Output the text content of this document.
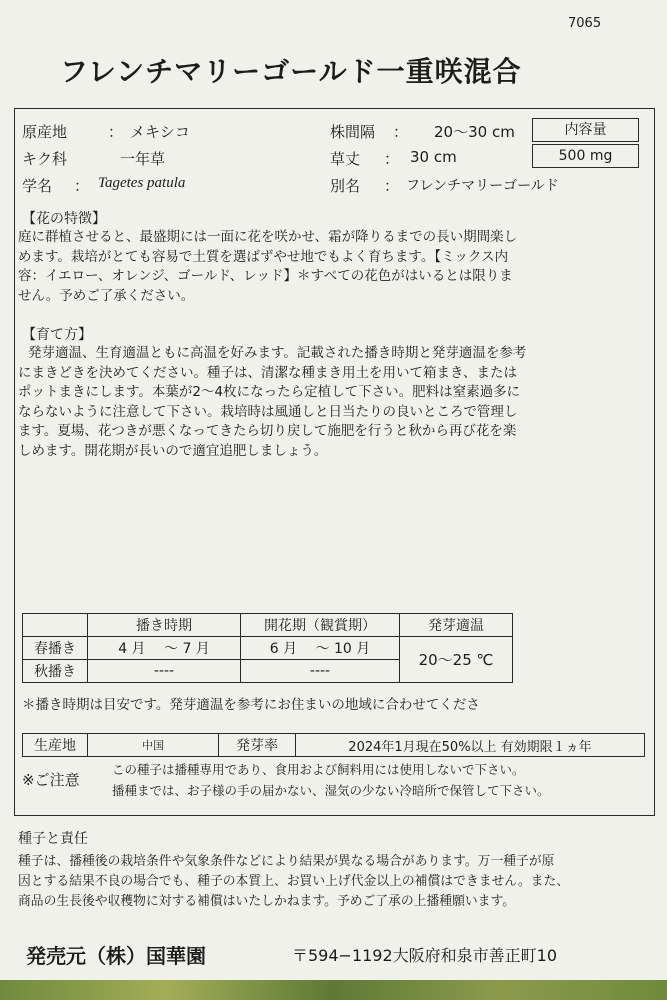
7065
フレンチマリーゴールド一重咲混合
原産地	： メキシコ
キク科	一年草
学名 ： Tagetes patula
株間隔 ： 20～30 cm
草丈 ： 30 cm
別名 ： フレンチマリーゴールド
内容量
500 mg
【花の特徴】
庭に群植させると、最盛期には一面に花を咲かせ、霜が降りるまでの長い期間楽し
めます。栽培がとても容易で土質を選ばずやせ地でもよく育ちます。【ミックス内
容：イエロー、オレンジ、ゴールド、レッド】＊すべての花色がはいるとは限りま
せん。予めご了承ください。
【育て方】
発芽適温、生育適温ともに高温を好みます。記載された播き時期と発芽適温を参考
にまきどきを決めてください。種子は、清潔な種まき用土を用いて箱まき、または
ポットまきにします。本葉が2～4枚になったら定植して下さい。肥料は窒素過多に
ならないように注意して下さい。栽培時は風通しと日当たりの良いところで管理し
ます。夏場、花つきが悪くなってきたら切り戻して施肥を行うと秋から再び花を楽
しめます。開花期が長いので適宜追肥しましょう。
	播き時期	開花期（観賞期）	発芽適温
春播き	4 月 ～ 7 月	6 月 ～ 10 月	20～25 ℃
秋播き	----	----	
＊播き時期は目安です。発芽適温を参考にお住まいの地域に合わせてくださ
生産地	中国	発芽率	2024年1月現在50%以上 有効期限１ヵ年
※ご注意
この種子は播種専用であり、食用および飼料用には使用しないで下さい。
播種までは、お子様の手の届かない、湿気の少ない冷暗所で保管して下さい。
種子と責任
種子は、播種後の栽培条件や気象条件などにより結果が異なる場合があります。万一種子が原
因とする結果不良の場合でも、種子の本質上、お買い上げ代金以上の補償はできません。また、
商品の生長後や収穫物に対する補償はいたしかねます。予めご了承の上播種願います。
発売元（株）国華園	〒594−1192大阪府和泉市善正町10
